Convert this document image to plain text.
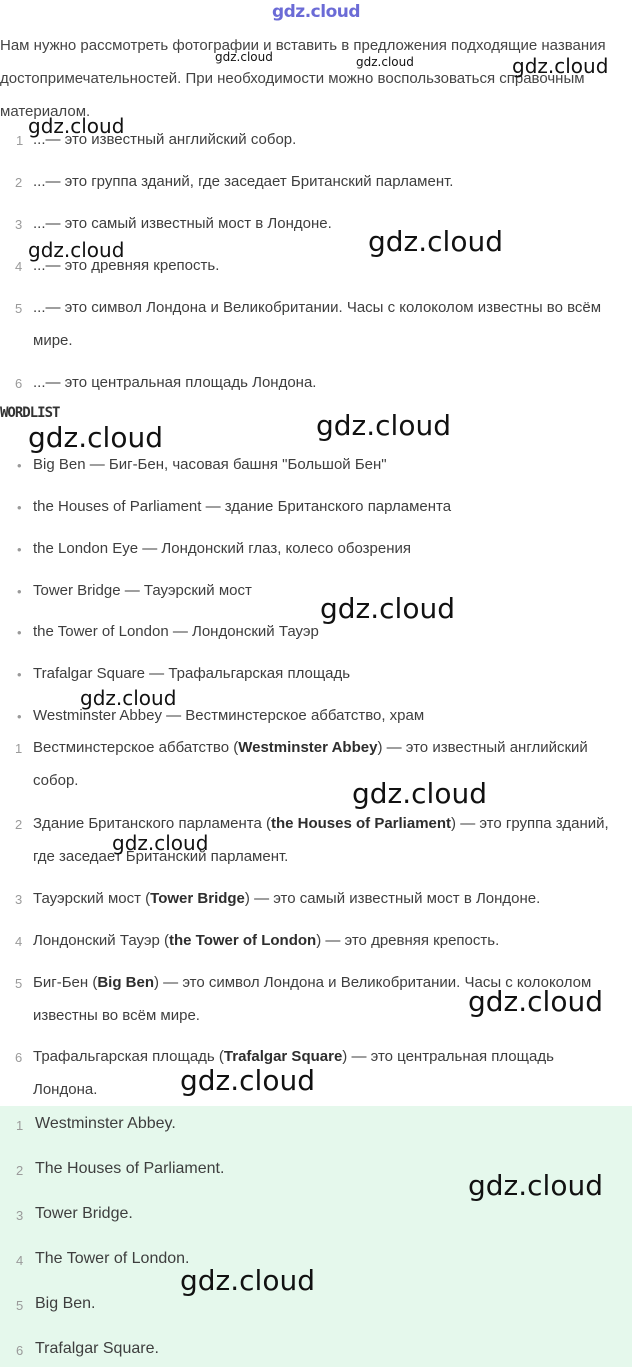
gdz.cloud
Нам нужно рассмотреть фотографии и вставить в предложения подходящие названия достопримечательностей. При необходимости можно воспользоваться справочным материалом.
1 ...— это известный английский собор.
2 ...— это группа зданий, где заседает Британский парламент.
3 ...— это самый известный мост в Лондоне.
4 ...— это древняя крепость.
5 ...— это символ Лондона и Великобритании. Часы с колоколом известны во всём мире.
6 ...— это центральная площадь Лондона.
WORDLIST
• Big Ben — Биг-Бен, часовая башня "Большой Бен"
• the Houses of Parliament — здание Британского парламента
• the London Eye — Лондонский глаз, колесо обозрения
• Tower Bridge — Тауэрский мост
• the Tower of London — Лондонский Тауэр
• Trafalgar Square — Трафальгарская площадь
• Westminster Abbey — Вестминстерское аббатство, храм
1 Вестминстерское аббатство (Westminster Abbey) — это известный английский собор.
2 Здание Британского парламента (the Houses of Parliament) — это группа зданий, где заседает Британский парламент.
3 Тауэрский мост (Tower Bridge) — это самый известный мост в Лондоне.
4 Лондонский Тауэр (the Tower of London) — это древняя крепость.
5 Биг-Бен (Big Ben) — это символ Лондона и Великобритании. Часы с колоколом известны во всём мире.
6 Трафальгарская площадь (Trafalgar Square) — это центральная площадь Лондона.
1 Westminster Abbey.
2 The Houses of Parliament.
3 Tower Bridge.
4 The Tower of London.
5 Big Ben.
6 Trafalgar Square.
gdz.cloud	gdz.cloud	gdz.cloud
gdz.cloud
gdz.cloud	gdz.cloud
gdz.cloud
gdz.cloud
gdz.cloud
gdz.cloud
gdz.cloud
gdz.cloud
gdz.cloud
gdz.cloud
gdz.cloud
gdz.cloud
